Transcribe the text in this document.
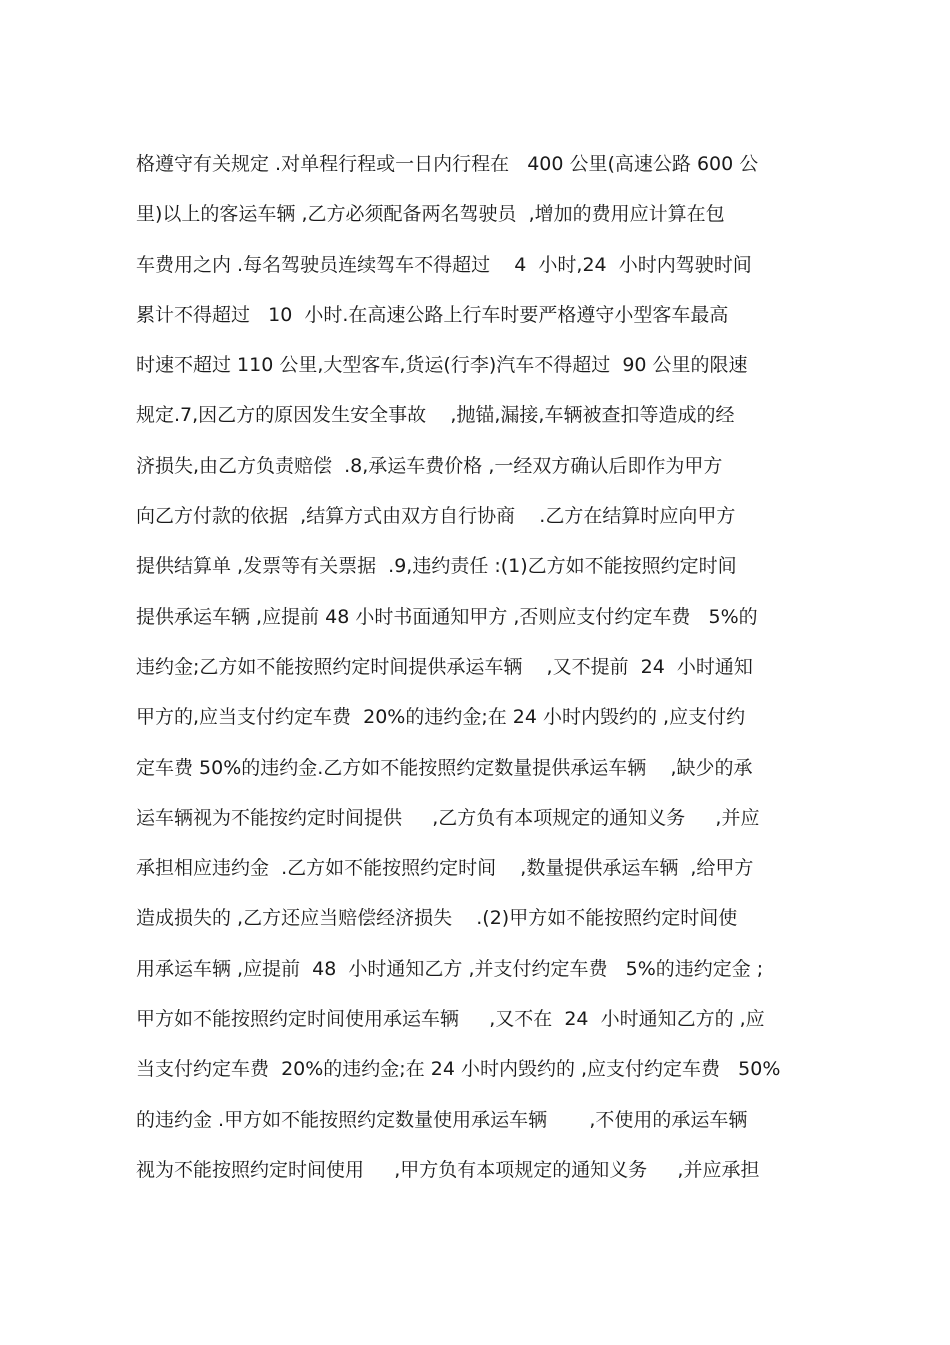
格遵守有关规定 .对单程行程或一日内行程在   400 公里(高速公路 600 公
里)以上的客运车辆 ,乙方必须配备两名驾驶员  ,增加的费用应计算在包
车费用之内 .每名驾驶员连续驾车不得超过    4  小时,24  小时内驾驶时间
累计不得超过   10  小时.在高速公路上行车时要严格遵守小型客车最高
时速不超过 110 公里,大型客车,货运(行李)汽车不得超过  90 公里的限速
规定.7,因乙方的原因发生安全事故    ,抛锚,漏接,车辆被查扣等造成的经
济损失,由乙方负责赔偿  .8,承运车费价格 ,一经双方确认后即作为甲方
向乙方付款的依据  ,结算方式由双方自行协商    .乙方在结算时应向甲方
提供结算单 ,发票等有关票据  .9,违约责任 :(1)乙方如不能按照约定时间
提供承运车辆 ,应提前 48 小时书面通知甲方 ,否则应支付约定车费   5%的
违约金;乙方如不能按照约定时间提供承运车辆    ,又不提前  24  小时通知
甲方的,应当支付约定车费  20%的违约金;在 24 小时内毁约的 ,应支付约
定车费 50%的违约金.乙方如不能按照约定数量提供承运车辆    ,缺少的承
运车辆视为不能按约定时间提供     ,乙方负有本项规定的通知义务     ,并应
承担相应违约金  .乙方如不能按照约定时间    ,数量提供承运车辆  ,给甲方
造成损失的 ,乙方还应当赔偿经济损失    .(2)甲方如不能按照约定时间使
用承运车辆 ,应提前  48  小时通知乙方 ,并支付约定车费   5%的违约定金 ;
甲方如不能按照约定时间使用承运车辆     ,又不在  24  小时通知乙方的 ,应
当支付约定车费  20%的违约金;在 24 小时内毁约的 ,应支付约定车费   50%
的违约金 .甲方如不能按照约定数量使用承运车辆       ,不使用的承运车辆
视为不能按照约定时间使用     ,甲方负有本项规定的通知义务     ,并应承担
